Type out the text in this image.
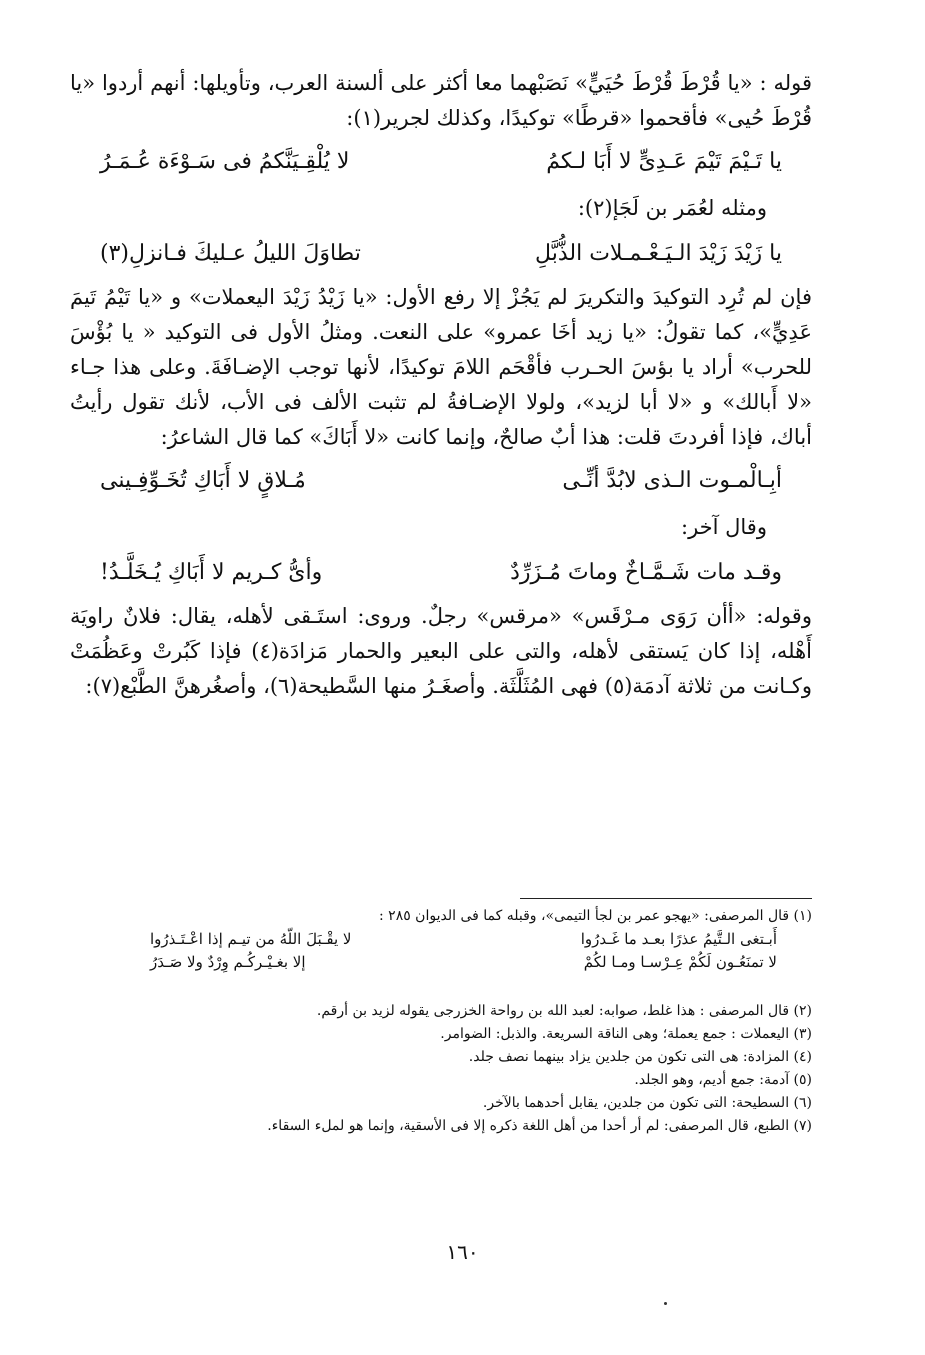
قوله : «يا قُرْطَ قُرْطَ حُيَيٍّ» نَصَبْهما معا أكثر على ألسنة العرب، وتأويلها: أنهم أردوا «يا قُرْطَ حُيى» فأقحموا «قرطًا» توكيدًا، وكذلك لجرير(١):

يا تَـيْمَ تَيْمَ عَـدِىٍّ لا أَبَا لـكمُ
لا يُلْقِـيَنَّكمُ فى سَـوْءَة عُـمَـرُ
ومثله لعُمَر بن لَجَإ(٢):
يا زَيْدَ زَيْدَ الـيَـعْـمـلات الذُّبَّلِ
تطاوَلَ الليلُ عـليكَ فـانزلِ(٣)

فإن لم تُرِد التوكيدَ والتكريرَ لم يَجُزْ إلا رفع الأول: «يا زَيْدُ زَيْدَ اليعملات» و «يا تَيْمُ تَيمَ عَدِيٍّ»، كما تقولُ: «يا زيد أخَا عمرو» على النعت. ومثلُ الأول فى التوكيد « يا بُؤْسَ للحرب» أراد يا بؤسَ الحـرب فأقْحَم اللامَ توكيدًا، لأنها توجب الإضـافَةَ. وعلى هذا جـاء «لا أَبالك» و «لا أبا لزيد»، ولولا الإضـافةُ لم تثبت الألف فى الأب، لأنك تقول رأيتُ أباك، فإذا أفردتَ قلت: هذا أبٌ صالحٌ، وإنما كانت «لا أَبَاكَ» كما قال الشاعرُ:

أبِـالْمـوت الـذى لابُدَّ أنِّـى
مُـلاقٍ لا أَبَاكِ تُخَـوِّفِـينى
وقال آخر:
وقـد مات شَـمَّـاخٌ وماتَ مُـزَرِّدٌ
وأىُّ كـريم لا أَبَاكِ يُـخَلَّـدُ!

وقوله: «أأن رَوَى مـرْقَس» «مرقس» رجلٌ. وروى: استَـقى لأهله، يقال: فلانٌ راويَة أَهْله، إذا كان يَستقى لأهله، والتى على البعير والحمار مَزادَة(٤) فإذا كَبُرتْ وعَظُمَتْ وكـانت من ثلاثة آدمَة(٥) فهى المُثَلَّثَة. وأصغَـرُ منها السَّطيحة(٦)، وأصغُرهنَّ الطَّبْع(٧):

(١) قال المرصفى: «يهجو عمر بن لجأ التيمى»، وقبله كما فى الديوان ٢٨٥ :

أَبـتغى الـتَّيمُ عذرًا بعـد ما غَـدرُوا
لا يقْـبَلَ اللّهُ من تيـم إذا اعْـتَـذرُوا
لا تمنَعُـون لَكُمْ عِـرْسـا ومـا لكُمْ
إلا بغـيْـركُـم وِرْدٌ ولا صَـدَرُ

(٢) قال المرصفى : هذا غلط، صوابه: لعبد الله بن رواحة الخزرجى يقوله لزيد بن أرقم.

(٣) اليعملات : جمع يعملة؛ وهى الناقة السريعة. والذبل: الضوامر.

(٤) المزادة: هى التى تكون من جلدين يزاد بينهما نصف جلد.

(٥) آدمة: جمع أديم، وهو الجلد.

(٦) السطيحة: التى تكون من جلدين، يقابل أحدهما بالآخر.

(٧) الطبع، قال المرصفى: لم أر أحدا من أهل اللغة ذكره إلا فى الأسقية، وإنما هو لملء السقاء.

١٦٠
